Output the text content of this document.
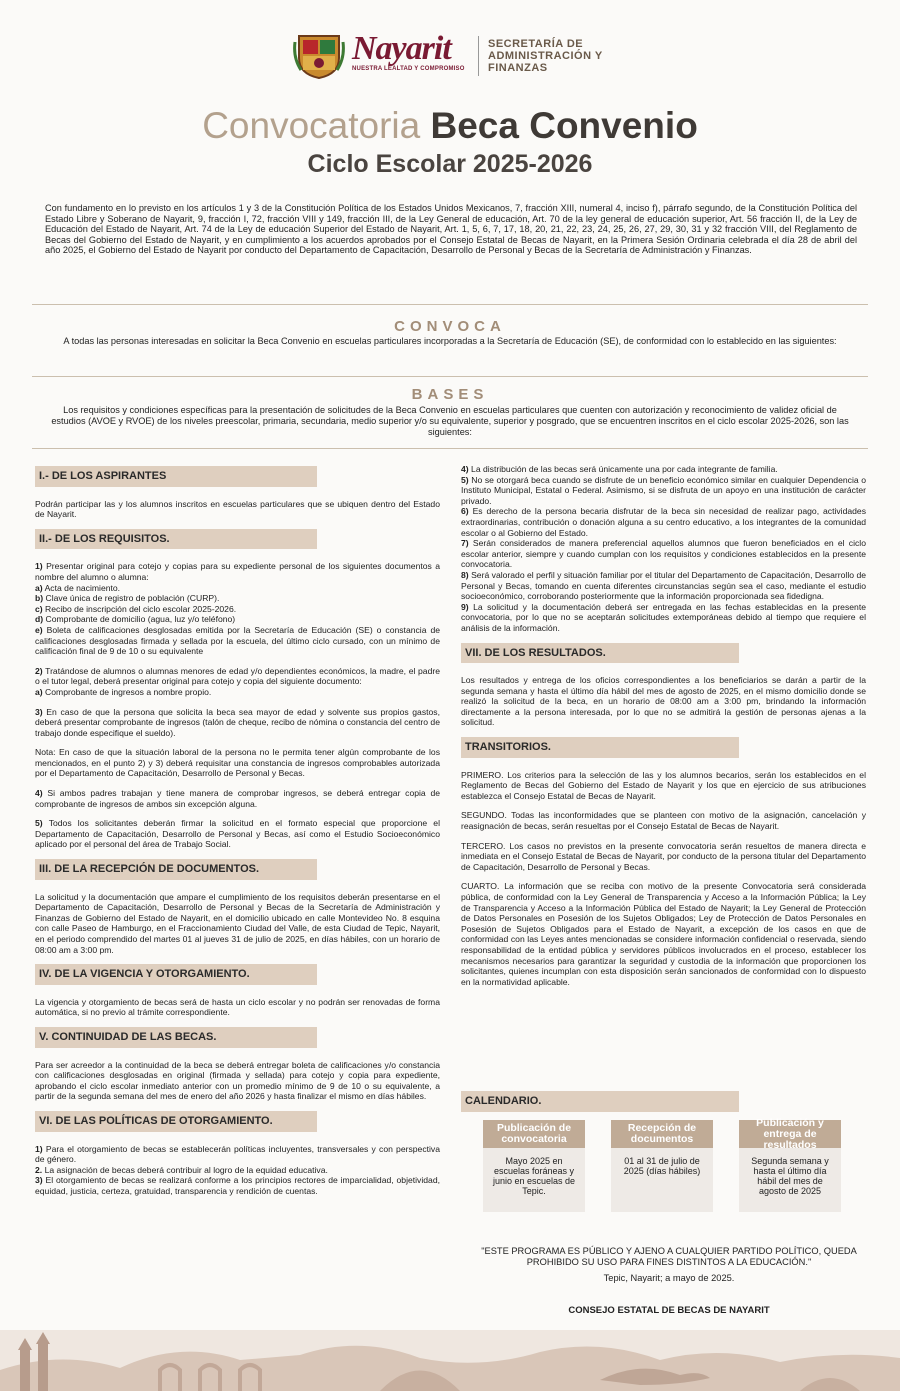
Nayarit
NUESTRA LEALTAD Y COMPROMISO
SECRETARÍA DE
ADMINISTRACIÓN Y
FINANZAS
Convocatoria Beca Convenio
Ciclo Escolar 2025-2026
Con fundamento en lo previsto en los artículos 1 y 3 de la Constitución Política de los Estados Unidos Mexicanos, 7, fracción XIII, numeral 4, inciso f), párrafo segundo, de la Constitución Política del Estado Libre y Soberano de Nayarit, 9, fracción I, 72, fracción VIII y 149, fracción III, de la Ley General de educación, Art. 70 de la ley general de educación superior, Art. 56 fracción II, de la Ley de Educación del Estado de Nayarit, Art. 74 de la Ley de educación Superior del Estado de Nayarit, Art. 1, 5, 6, 7, 17, 18, 20, 21, 22, 23, 24, 25, 26, 27, 29, 30, 31 y 32 fracción VIII, del Reglamento de Becas del Gobierno del Estado de Nayarit, y en cumplimiento a los acuerdos aprobados por el Consejo Estatal de Becas de Nayarit, en la Primera Sesión Ordinaria celebrada el día 28 de abril del año 2025, el Gobierno del Estado de Nayarit por conducto del Departamento de Capacitación, Desarrollo de Personal y Becas de la Secretaría de Administración y Finanzas.
CONVOCA
A todas las personas interesadas en solicitar la Beca Convenio en escuelas particulares incorporadas a la Secretaría de Educación (SE), de conformidad con lo establecido en las siguientes:
BASES
Los requisitos y condiciones específicas para la presentación de solicitudes de la Beca Convenio en escuelas particulares que cuenten con autorización y reconocimiento de validez oficial de estudios (AVOE y RVOE) de los niveles preescolar, primaria, secundaria, medio superior y/o su equivalente, superior y posgrado, que se encuentren inscritos en el ciclo escolar 2025-2026, son las siguientes:
I.- DE LOS ASPIRANTES

Podrán participar las y los alumnos inscritos en escuelas particulares que se ubiquen dentro del Estado de Nayarit.

II.- DE LOS REQUISITOS.

1) Presentar original para cotejo y copias para su expediente personal de los siguientes documentos a nombre del alumno o alumna:

a) Acta de nacimiento.

b) Clave única de registro de población (CURP).

c) Recibo de inscripción del ciclo escolar 2025-2026.

d) Comprobante de domicilio (agua, luz y/o teléfono)

e) Boleta de calificaciones desglosadas emitida por la Secretaría de Educación (SE) o constancia de calificaciones desglosadas firmada y sellada por la escuela, del último ciclo cursado, con un mínimo de calificación final de 9 de 10 o su equivalente

2) Tratándose de alumnos o alumnas menores de edad y/o dependientes económicos, la madre, el padre o el tutor legal, deberá presentar original para cotejo y copia del siguiente documento:

a) Comprobante de ingresos a nombre propio.

3) En caso de que la persona que solicita la beca sea mayor de edad y solvente sus propios gastos, deberá presentar comprobante de ingresos (talón de cheque, recibo de nómina o constancia del centro de trabajo donde especifique el sueldo).

Nota: En caso de que la situación laboral de la persona no le permita tener algún comprobante de los mencionados, en el punto 2) y 3) deberá requisitar una constancia de ingresos comprobables autorizada por el Departamento de Capacitación, Desarrollo de Personal y Becas.

4) Si ambos padres trabajan y tiene manera de comprobar ingresos, se deberá entregar copia de comprobante de ingresos de ambos sin excepción alguna.

5) Todos los solicitantes deberán firmar la solicitud en el formato especial que proporcione el Departamento de Capacitación, Desarrollo de Personal y Becas, así como el Estudio Socioeconómico aplicado por el personal del área de Trabajo Social.

III. DE LA RECEPCIÓN DE DOCUMENTOS.

La solicitud y la documentación que ampare el cumplimiento de los requisitos deberán presentarse en el Departamento de Capacitación, Desarrollo de Personal y Becas de la Secretaría de Administración y Finanzas de Gobierno del Estado de Nayarit, en el domicilio ubicado en calle Montevideo No. 8 esquina con calle Paseo de Hamburgo, en el Fraccionamiento Ciudad del Valle, de esta Ciudad de Tepic, Nayarit, en el periodo comprendido del martes 01 al jueves 31 de julio de 2025, en días hábiles, con un horario de 08:00 am a 3:00 pm.

IV. DE LA VIGENCIA Y OTORGAMIENTO.

La vigencia y otorgamiento de becas será de hasta un ciclo escolar y no podrán ser renovadas de forma automática, si no previo al trámite correspondiente.

V. CONTINUIDAD DE LAS BECAS.

Para ser acreedor a la continuidad de la beca se deberá entregar boleta de calificaciones y/o constancia con calificaciones desglosadas en original (firmada y sellada) para cotejo y copia para expediente, aprobando el ciclo escolar inmediato anterior con un promedio mínimo de 9 de 10 o su equivalente, a partir de la segunda semana del mes de enero del año 2026 y hasta finalizar el mismo en días hábiles.

VI. DE LAS POLÍTICAS DE OTORGAMIENTO.

1) Para el otorgamiento de becas se establecerán políticas incluyentes, transversales y con perspectiva de género.

2. La asignación de becas deberá contribuir al logro de la equidad educativa.

3) El otorgamiento de becas se realizará conforme a los principios rectores de imparcialidad, objetividad, equidad, justicia, certeza, gratuidad, transparencia y rendición de cuentas.

4) La distribución de las becas será únicamente una por cada integrante de familia.

5) No se otorgará beca cuando se disfrute de un beneficio económico similar en cualquier Dependencia o Instituto Municipal, Estatal o Federal. Asimismo, si se disfruta de un apoyo en una institución de carácter privado.

6) Es derecho de la persona becaria disfrutar de la beca sin necesidad de realizar pago, actividades extraordinarias, contribución o donación alguna a su centro educativo, a los integrantes de la comunidad escolar o al Gobierno del Estado.

7) Serán considerados de manera preferencial aquellos alumnos que fueron beneficiados en el ciclo escolar anterior, siempre y cuando cumplan con los requisitos y condiciones establecidos en la presente convocatoria.

8) Será valorado el perfil y situación familiar por el titular del Departamento de Capacitación, Desarrollo de Personal y Becas, tomando en cuenta diferentes circunstancias según sea el caso, mediante el estudio socioeconómico, corroborando posteriormente que la información proporcionada sea fidedigna.

9) La solicitud y la documentación deberá ser entregada en las fechas establecidas en la presente convocatoria, por lo que no se aceptarán solicitudes extemporáneas debido al tiempo que requiere el análisis de la información.

VII. DE LOS RESULTADOS.

Los resultados y entrega de los oficios correspondientes a los beneficiarios se darán a partir de la segunda semana y hasta el último día hábil del mes de agosto de 2025, en el mismo domicilio donde se realizó la solicitud de la beca, en un horario de 08:00 am a 3:00 pm, brindando la información directamente a la persona interesada, por lo que no se admitirá la gestión de personas ajenas a la solicitud.

TRANSITORIOS.

PRIMERO. Los criterios para la selección de las y los alumnos becarios, serán los establecidos en el Reglamento de Becas del Gobierno del Estado de Nayarit y los que en ejercicio de sus atribuciones establezca el Consejo Estatal de Becas de Nayarit.

SEGUNDO. Todas las inconformidades que se planteen con motivo de la asignación, cancelación y reasignación de becas, serán resueltas por el Consejo Estatal de Becas de Nayarit.

TERCERO. Los casos no previstos en la presente convocatoria serán resueltos de manera directa e inmediata en el Consejo Estatal de Becas de Nayarit, por conducto de la persona titular del Departamento de Capacitación, Desarrollo de Personal y Becas.

CUARTO. La información que se reciba con motivo de la presente Convocatoria será considerada pública, de conformidad con la Ley General de Transparencia y Acceso a la Información Pública; la Ley de Transparencia y Acceso a la Información Pública del Estado de Nayarit; la Ley General de Protección de Datos Personales en Posesión de los Sujetos Obligados; Ley de Protección de Datos Personales en Posesión de Sujetos Obligados para el Estado de Nayarit, a excepción de los casos en que de conformidad con las Leyes antes mencionadas se considere información confidencial o reservada, siendo responsabilidad de la entidad pública y servidores públicos involucrados en el proceso, establecer los mecanismos necesarios para garantizar la seguridad y custodia de la información que proporcionen los solicitantes, quienes incumplan con esta disposición serán sancionados de conformidad con lo dispuesto en la normatividad aplicable.

CALENDARIO.
Publicación de convocatoria
Mayo 2025 en escuelas foráneas y junio en escuelas de Tepic.
Recepción de documentos
01 al 31 de julio de 2025 (días hábiles)
Publicación y entrega de resultados
Segunda semana y hasta el último día hábil del mes de agosto de 2025
"ESTE PROGRAMA ES PÚBLICO Y AJENO A CUALQUIER PARTIDO POLÍTICO, QUEDA PROHIBIDO SU USO PARA FINES DISTINTOS A LA EDUCACIÓN."
Tepic, Nayarit; a mayo de 2025.
CONSEJO ESTATAL DE BECAS DE NAYARIT
